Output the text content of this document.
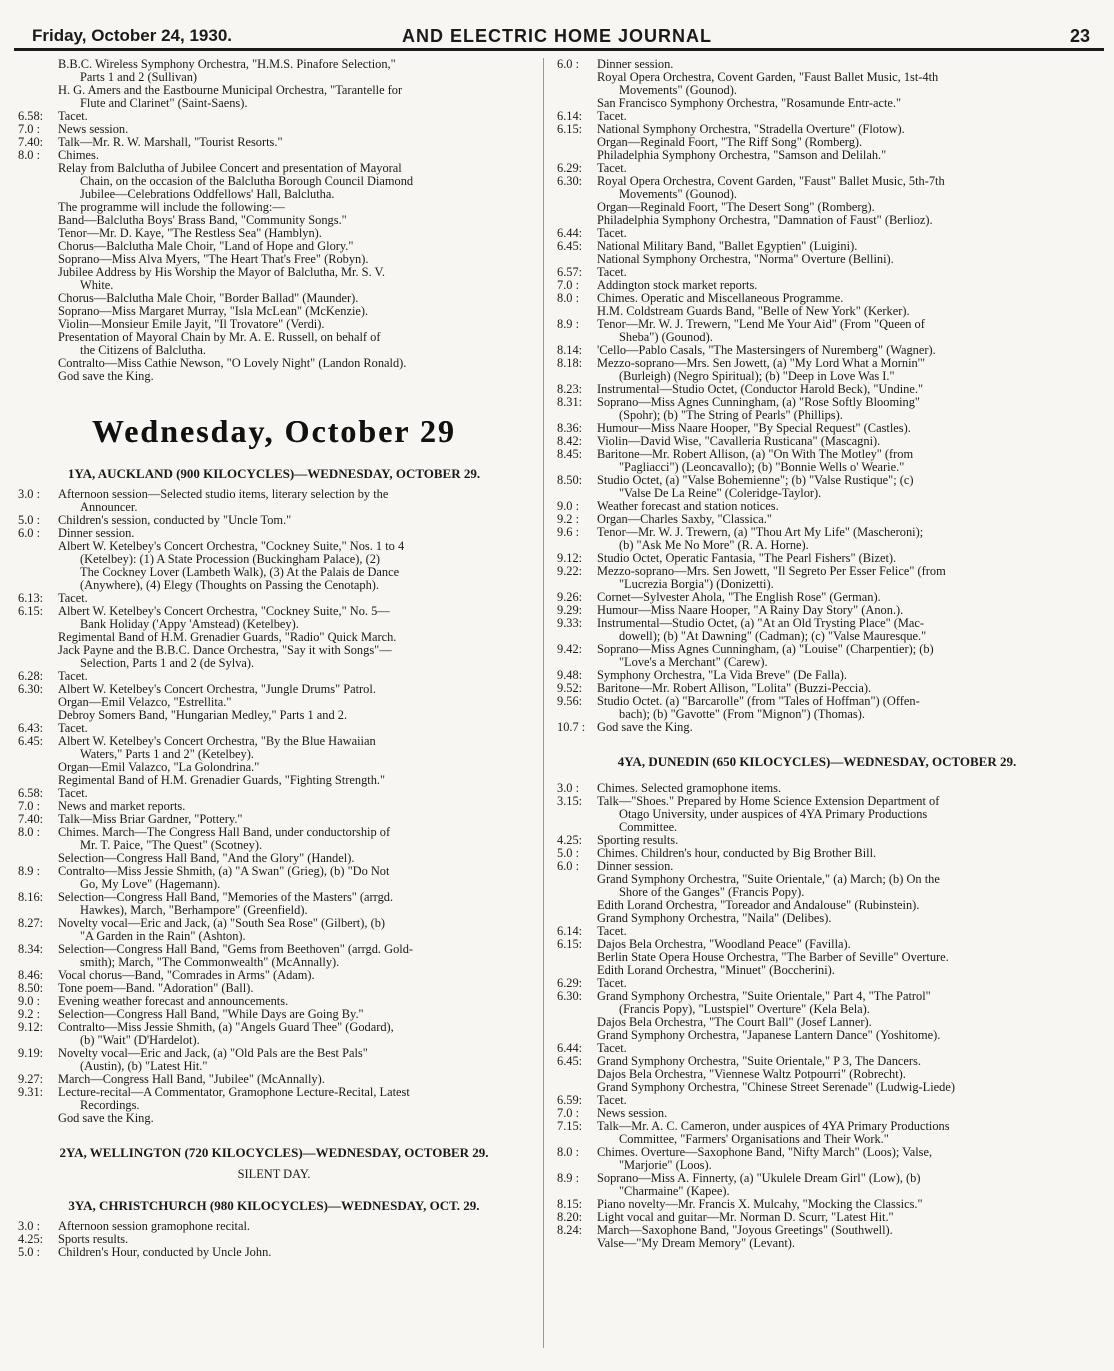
Friday, October 24, 1930.	AND ELECTRIC HOME JOURNAL	23
B.B.C. Wireless Symphony Orchestra, "H.M.S. Pinafore Selection,"
Parts 1 and 2 (Sullivan)
H. G. Amers and the Eastbourne Municipal Orchestra, "Tarantelle for
Flute and Clarinet" (Saint-Saens).
6.58:	Tacet.
7.0 :	News session.
7.40:	Talk—Mr. R. W. Marshall, "Tourist Resorts."
8.0 :	Chimes.
Relay from Balclutha of Jubilee Concert and presentation of Mayoral
Chain, on the occasion of the Balclutha Borough Council Diamond
Jubilee—Celebrations Oddfellows' Hall, Balclutha.
The programme will include the following:—
Band—Balclutha Boys' Brass Band, "Community Songs."
Tenor—Mr. D. Kaye, "The Restless Sea" (Hamblyn).
Chorus—Balclutha Male Choir, "Land of Hope and Glory."
Soprano—Miss Alva Myers, "The Heart That's Free" (Robyn).
Jubilee Address by His Worship the Mayor of Balclutha, Mr. S. V.
White.
Chorus—Balclutha Male Choir, "Border Ballad" (Maunder).
Soprano—Miss Margaret Murray, "Isla McLean" (McKenzie).
Violin—Monsieur Emile Jayit, "Il Trovatore" (Verdi).
Presentation of Mayoral Chain by Mr. A. E. Russell, on behalf of
the Citizens of Balclutha.
Contralto—Miss Cathie Newson, "O Lovely Night" (Landon Ronald).
God save the King.
Wednesday, October 29
1YA, AUCKLAND (900 KILOCYCLES)—WEDNESDAY, OCTOBER 29.
3.0 :	Afternoon session—Selected studio items, literary selection by the
Announcer.
5.0 :	Children's session, conducted by "Uncle Tom."
6.0 :	Dinner session.
Albert W. Ketelbey's Concert Orchestra, "Cockney Suite," Nos. 1 to 4
(Ketelbey): (1) A State Procession (Buckingham Palace), (2)
The Cockney Lover (Lambeth Walk), (3) At the Palais de Dance
(Anywhere), (4) Elegy (Thoughts on Passing the Cenotaph).
6.13:	Tacet.
6.15:	Albert W. Ketelbey's Concert Orchestra, "Cockney Suite," No. 5—
Bank Holiday ('Appy 'Amstead) (Ketelbey).
Regimental Band of H.M. Grenadier Guards, "Radio" Quick March.
Jack Payne and the B.B.C. Dance Orchestra, "Say it with Songs"—
Selection, Parts 1 and 2 (de Sylva).
6.28:	Tacet.
6.30:	Albert W. Ketelbey's Concert Orchestra, "Jungle Drums" Patrol.
Organ—Emil Velazco, "Estrellita."
Debroy Somers Band, "Hungarian Medley," Parts 1 and 2.
6.43:	Tacet.
6.45:	Albert W. Ketelbey's Concert Orchestra, "By the Blue Hawaiian
Waters," Parts 1 and 2" (Ketelbey).
Organ—Emil Valazco, "La Golondrina."
Regimental Band of H.M. Grenadier Guards, "Fighting Strength."
6.58:	Tacet.
7.0 :	News and market reports.
7.40:	Talk—Miss Briar Gardner, "Pottery."
8.0 :	Chimes. March—The Congress Hall Band, under conductorship of
Mr. T. Paice, "The Quest" (Scotney).
Selection—Congress Hall Band, "And the Glory" (Handel).
8.9 :	Contralto—Miss Jessie Shmith, (a) "A Swan" (Grieg), (b) "Do Not
Go, My Love" (Hagemann).
8.16:	Selection—Congress Hall Band, "Memories of the Masters" (arrgd.
Hawkes), March, "Berhampore" (Greenfield).
8.27:	Novelty vocal—Eric and Jack, (a) "South Sea Rose" (Gilbert), (b)
"A Garden in the Rain" (Ashton).
8.34:	Selection—Congress Hall Band, "Gems from Beethoven" (arrgd. Gold-
smith); March, "The Commonwealth" (McAnnally).
8.46:	Vocal chorus—Band, "Comrades in Arms" (Adam).
8.50:	Tone poem—Band. "Adoration" (Ball).
9.0 :	Evening weather forecast and announcements.
9.2 :	Selection—Congress Hall Band, "While Days are Going By."
9.12:	Contralto—Miss Jessie Shmith, (a) "Angels Guard Thee" (Godard),
(b) "Wait" (D'Hardelot).
9.19:	Novelty vocal—Eric and Jack, (a) "Old Pals are the Best Pals"
(Austin), (b) "Latest Hit."
9.27:	March—Congress Hall Band, "Jubilee" (McAnnally).
9.31:	Lecture-recital—A Commentator, Gramophone Lecture-Recital, Latest
Recordings.
God save the King.
2YA, WELLINGTON (720 KILOCYCLES)—WEDNESDAY, OCTOBER 29.
SILENT DAY.
3YA, CHRISTCHURCH (980 KILOCYCLES)—WEDNESDAY, OCT. 29.
3.0 :	Afternoon session gramophone recital.
4.25:	Sports results.
5.0 :	Children's Hour, conducted by Uncle John.
6.0 :	Dinner session.
Royal Opera Orchestra, Covent Garden, "Faust Ballet Music, 1st-4th
Movements" (Gounod).
San Francisco Symphony Orchestra, "Rosamunde Entr-acte."
6.14:	Tacet.
6.15:	National Symphony Orchestra, "Stradella Overture" (Flotow).
Organ—Reginald Foort, "The Riff Song" (Romberg).
Philadelphia Symphony Orchestra, "Samson and Delilah."
6.29:	Tacet.
6.30:	Royal Opera Orchestra, Covent Garden, "Faust" Ballet Music, 5th-7th
Movements" (Gounod).
Organ—Reginald Foort, "The Desert Song" (Romberg).
Philadelphia Symphony Orchestra, "Damnation of Faust" (Berlioz).
6.44:	Tacet.
6.45:	National Military Band, "Ballet Egyptien" (Luigini).
National Symphony Orchestra, "Norma" Overture (Bellini).
6.57:	Tacet.
7.0 :	Addington stock market reports.
8.0 :	Chimes. Operatic and Miscellaneous Programme.
H.M. Coldstream Guards Band, "Belle of New York" (Kerker).
8.9 :	Tenor—Mr. W. J. Trewern, "Lend Me Your Aid" (From "Queen of
Sheba") (Gounod).
8.14:	'Cello—Pablo Casals, "The Mastersingers of Nuremberg" (Wagner).
8.18:	Mezzo-soprano—Mrs. Sen Jowett, (a) "My Lord What a Mornin'"
(Burleigh) (Negro Spiritual); (b) "Deep in Love Was I."
8.23:	Instrumental—Studio Octet, (Conductor Harold Beck), "Undine."
8.31:	Soprano—Miss Agnes Cunningham, (a) "Rose Softly Blooming"
(Spohr); (b) "The String of Pearls" (Phillips).
8.36:	Humour—Miss Naare Hooper, "By Special Request" (Castles).
8.42:	Violin—David Wise, "Cavalleria Rusticana" (Mascagni).
8.45:	Baritone—Mr. Robert Allison, (a) "On With The Motley" (from
"Pagliacci") (Leoncavallo); (b) "Bonnie Wells o' Wearie."
8.50:	Studio Octet, (a) "Valse Bohemienne"; (b) "Valse Rustique"; (c)
"Valse De La Reine" (Coleridge-Taylor).
9.0 :	Weather forecast and station notices.
9.2 :	Organ—Charles Saxby, "Classica."
9.6 :	Tenor—Mr. W. J. Trewern, (a) "Thou Art My Life" (Mascheroni);
(b) "Ask Me No More" (R. A. Horne).
9.12:	Studio Octet, Operatic Fantasia, "The Pearl Fishers" (Bizet).
9.22:	Mezzo-soprano—Mrs. Sen Jowett, "Il Segreto Per Esser Felice" (from
"Lucrezia Borgia") (Donizetti).
9.26:	Cornet—Sylvester Ahola, "The English Rose" (German).
9.29:	Humour—Miss Naare Hooper, "A Rainy Day Story" (Anon.).
9.33:	Instrumental—Studio Octet, (a) "At an Old Trysting Place" (Mac-
dowell); (b) "At Dawning" (Cadman); (c) "Valse Mauresque."
9.42:	Soprano—Miss Agnes Cunningham, (a) "Louise" (Charpentier); (b)
"Love's a Merchant" (Carew).
9.48:	Symphony Orchestra, "La Vida Breve" (De Falla).
9.52:	Baritone—Mr. Robert Allison, "Lolita" (Buzzi-Peccia).
9.56:	Studio Octet. (a) "Barcarolle" (from "Tales of Hoffman") (Offen-
bach); (b) "Gavotte" (From "Mignon") (Thomas).
10.7 : God save the King.
4YA, DUNEDIN (650 KILOCYCLES)—WEDNESDAY, OCTOBER 29.
3.0 :	Chimes. Selected gramophone items.
3.15:	Talk—"Shoes." Prepared by Home Science Extension Department of
Otago University, under auspices of 4YA Primary Productions
Committee.
4.25:	Sporting results.
5.0 :	Chimes. Children's hour, conducted by Big Brother Bill.
6.0 :	Dinner session.
Grand Symphony Orchestra, "Suite Orientale," (a) March; (b) On the
Shore of the Ganges" (Francis Popy).
Edith Lorand Orchestra, "Toreador and Andalouse" (Rubinstein).
Grand Symphony Orchestra, "Naila" (Delibes).
6.14:	Tacet.
6.15:	Dajos Bela Orchestra, "Woodland Peace" (Favilla).
Berlin State Opera House Orchestra, "The Barber of Seville" Overture.
Edith Lorand Orchestra, "Minuet" (Boccherini).
6.29:	Tacet.
6.30:	Grand Symphony Orchestra, "Suite Orientale," Part 4, "The Patrol"
(Francis Popy), "Lustspiel" Overture" (Kela Bela).
Dajos Bela Orchestra, "The Court Ball" (Josef Lanner).
Grand Symphony Orchestra, "Japanese Lantern Dance" (Yoshitome).
6.44:	Tacet.
6.45:	Grand Symphony Orchestra, "Suite Orientale," P 3, The Dancers.
Dajos Bela Orchestra, "Viennese Waltz Potpourri" (Robrecht).
Grand Symphony Orchestra, "Chinese Street Serenade" (Ludwig-Liede)
6.59:	Tacet.
7.0 :	News session.
7.15:	Talk—Mr. A. C. Cameron, under auspices of 4YA Primary Productions
Committee, "Farmers' Organisations and Their Work."
8.0 :	Chimes. Overture—Saxophone Band, "Nifty March" (Loos); Valse,
"Marjorie" (Loos).
8.9 :	Soprano—Miss A. Finnerty, (a) "Ukulele Dream Girl" (Low), (b)
"Charmaine" (Kapee).
8.15:	Piano novelty—Mr. Francis X. Mulcahy, "Mocking the Classics."
8.20:	Light vocal and guitar—Mr. Norman D. Scurr, "Latest Hit."
8.24:	March—Saxophone Band, "Joyous Greetings" (Southwell).
Valse—"My Dream Memory" (Levant).
